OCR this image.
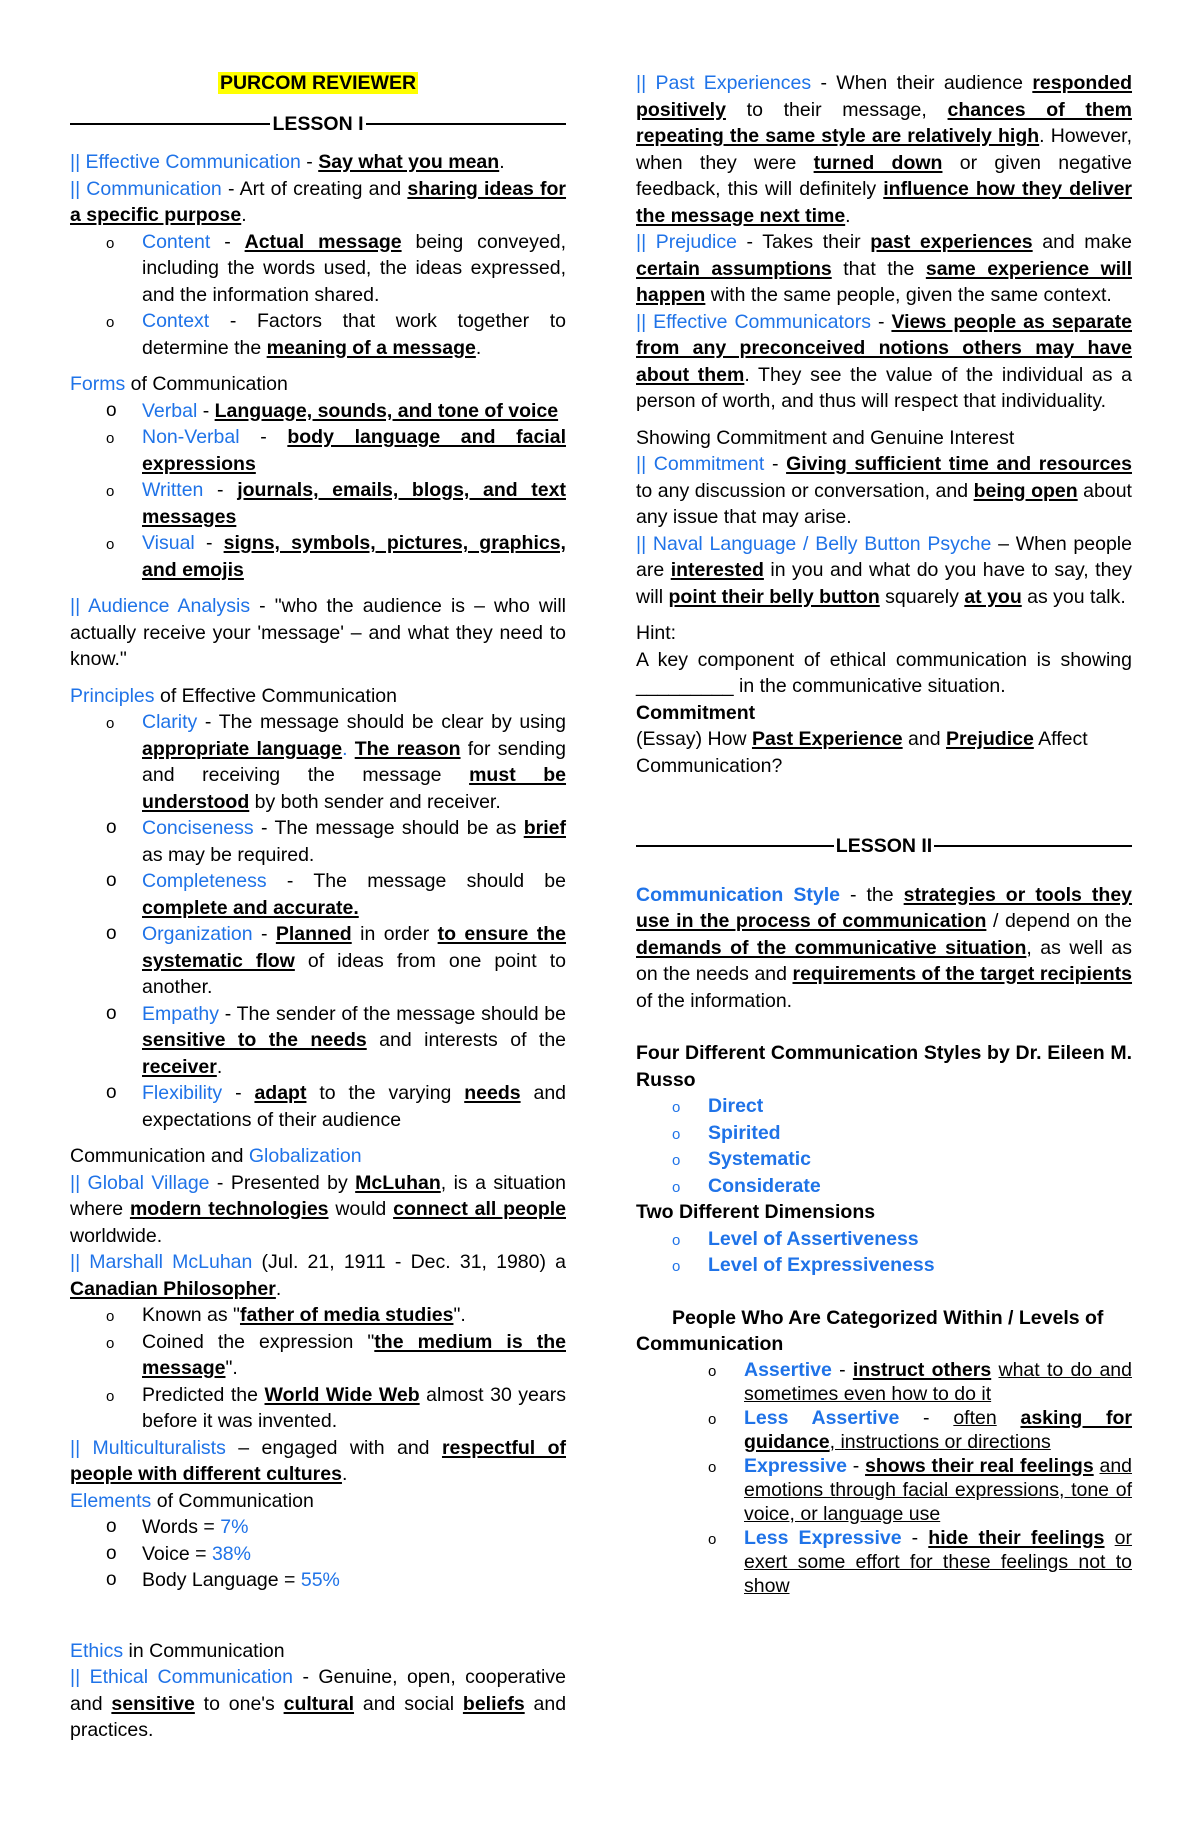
PURCOM REVIEWER

LESSON I

|| Effective Communication - Say what you mean.

|| Communication - Art of creating and sharing ideas for a specific purpose.

o Content - Actual message being conveyed, including the words used, the ideas expressed, and the information shared.
o Context - Factors that work together to determine the meaning of a message.

Forms of Communication

o Verbal - Language, sounds, and tone of voice
o Non-Verbal - body language and facial expressions
o Written - journals, emails, blogs, and text messages
o Visual - signs, symbols, pictures, graphics, and emojis

|| Audience Analysis - "who the audience is – who will actually receive your 'message' – and what they need to know."

Principles of Effective Communication

o Clarity - The message should be clear by using appropriate language. The reason for sending and receiving the message must be understood by both sender and receiver.
o Conciseness - The message should be as brief as may be required.
o Completeness - The message should be complete and accurate.
o Organization - Planned in order to ensure the systematic flow of ideas from one point to another.
o Empathy - The sender of the message should be sensitive to the needs and interests of the receiver.
o Flexibility - adapt to the varying needs and expectations of their audience

Communication and Globalization

|| Global Village - Presented by McLuhan, is a situation where modern technologies would connect all people worldwide.

|| Marshall McLuhan (Jul. 21, 1911 - Dec. 31, 1980) a Canadian Philosopher.

o Known as "father of media studies".
o Coined the expression "the medium is the message".
o Predicted the World Wide Web almost 30 years before it was invented.

|| Multiculturalists – engaged with and respectful of people with different cultures.

Elements of Communication

o Words = 7%
o Voice = 38%
o Body Language = 55%

Ethics in Communication

|| Ethical Communication - Genuine, open, cooperative and sensitive to one's cultural and social beliefs and practices.

|| Past Experiences - When their audience responded positively to their message, chances of them repeating the same style are relatively high. However, when they were turned down or given negative feedback, this will definitely influence how they deliver the message next time.

|| Prejudice - Takes their past experiences and make certain assumptions that the same experience will happen with the same people, given the same context.

|| Effective Communicators - Views people as separate from any preconceived notions others may have about them. They see the value of the individual as a person of worth, and thus will respect that individuality.

Showing Commitment and Genuine Interest

|| Commitment - Giving sufficient time and resources to any discussion or conversation, and being open about any issue that may arise.

|| Naval Language / Belly Button Psyche – When people are interested in you and what do you have to say, they will point their belly button squarely at you as you talk.

Hint:

A key component of ethical communication is showing _________ in the communicative situation.

Commitment

(Essay) How Past Experience and Prejudice Affect Communication?

LESSON II

Communication Style - the strategies or tools they use in the process of communication / depend on the demands of the communicative situation, as well as on the needs and requirements of the target recipients of the information.

Four Different Communication Styles by Dr. Eileen M. Russo

o Direct
o Spirited
o Systematic
o Considerate

Two Different Dimensions

o Level of Assertiveness
o Level of Expressiveness

People Who Are Categorized Within / Levels of Communication

o Assertive - instruct others what to do and sometimes even how to do it
o Less Assertive - often asking for guidance, instructions or directions
o Expressive - shows their real feelings and emotions through facial expressions, tone of voice, or language use
o Less Expressive - hide their feelings or exert some effort for these feelings not to show
